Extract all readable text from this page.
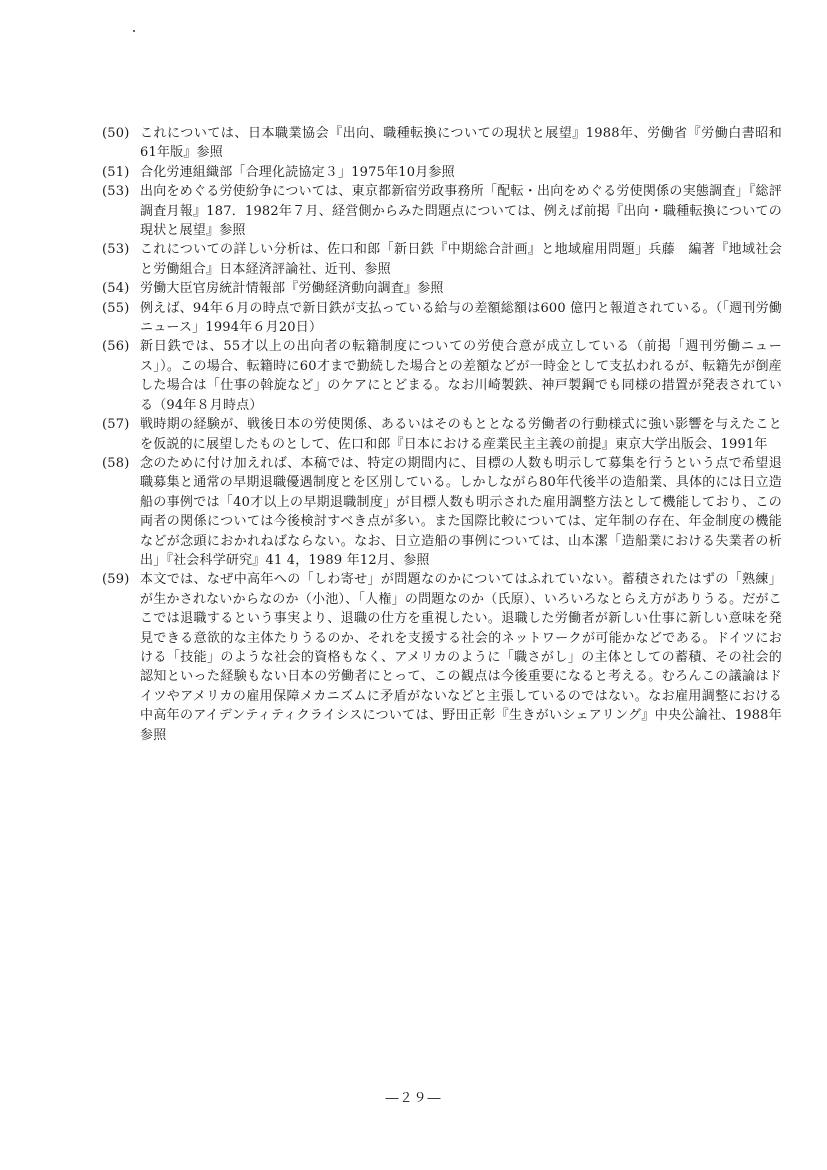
(50) これについては、日本職業協会『出向、職種転換についての現状と展望』1988年、労働省『労働白書昭和61年版』参照
(51) 合化労連組織部「合理化読協定３」1975年10月参照
(53) 出向をめぐる労使紛争については、東京都新宿労政事務所「配転・出向をめぐる労使関係の実態調査」『総評調査月報』187．1982年７月、経営側からみた問題点については、例えば前掲『出向・職種転換についての現状と展望』参照
(53) これについての詳しい分析は、佐口和郎「新日鉄『中期総合計画』と地域雇用問題」兵藤　編著『地域社会と労働組合』日本経済評論社、近刊、参照
(54) 労働大臣官房統計情報部『労働経済動向調査』参照
(55) 例えば、94年６月の時点で新日鉄が支払っている給与の差額総額は600 億円と報道されている。（「週刊労働ニュース」1994年６月20日）
(56) 新日鉄では、55才以上の出向者の転籍制度についての労使合意が成立している（前掲「週刊労働ニュース」）。この場合、転籍時に60才まで勤続した場合との差額などが一時金として支払われるが、転籍先が倒産した場合は「仕事の斡旋など」のケアにとどまる。なお川崎製鉄、神戸製鋼でも同様の措置が発表されている（94年８月時点）
(57) 戦時期の経験が、戦後日本の労使関係、あるいはそのもととなる労働者の行動様式に強い影響を与えたことを仮説的に展望したものとして、佐口和郎『日本における産業民主主義の前提』東京大学出版会、1991年
(58) 念のために付け加えれば、本稿では、特定の期間内に、目標の人数も明示して募集を行うという点で希望退職募集と通常の早期退職優遇制度とを区別している。しかしながら80年代後半の造船業、具体的には日立造船の事例では「40才以上の早期退職制度」が目標人数も明示された雇用調整方法として機能しており、この両者の関係については今後検討すべき点が多い。また国際比較については、定年制の存在、年金制度の機能などが念頭におかれねばならない。なお、日立造船の事例については、山本潔「造船業における失業者の析出」『社会科学研究』41 4，1989 年12月、参照
(59) 本文では、なぜ中高年への「しわ寄せ」が問題なのかについてはふれていない。蓄積されたはずの「熟練」が生かされないからなのか（小池）、「人権」の問題なのか（氏原）、いろいろなとらえ方がありうる。だがここでは退職するという事実より、退職の仕方を重視したい。退職した労働者が新しい仕事に新しい意味を発見できる意欲的な主体たりうるのか、それを支援する社会的ネットワークが可能かなどである。ドイツにおける「技能」のような社会的資格もなく、アメリカのように「職さがし」の主体としての蓄積、その社会的認知といった経験もない日本の労働者にとって、この観点は今後重要になると考える。むろんこの議論はドイツやアメリカの雇用保障メカニズムに矛盾がないなどと主張しているのではない。なお雇用調整における中高年のアイデンティティクライシスについては、野田正彰『生きがいシェアリング』中央公論社、1988年参照
―２９―
